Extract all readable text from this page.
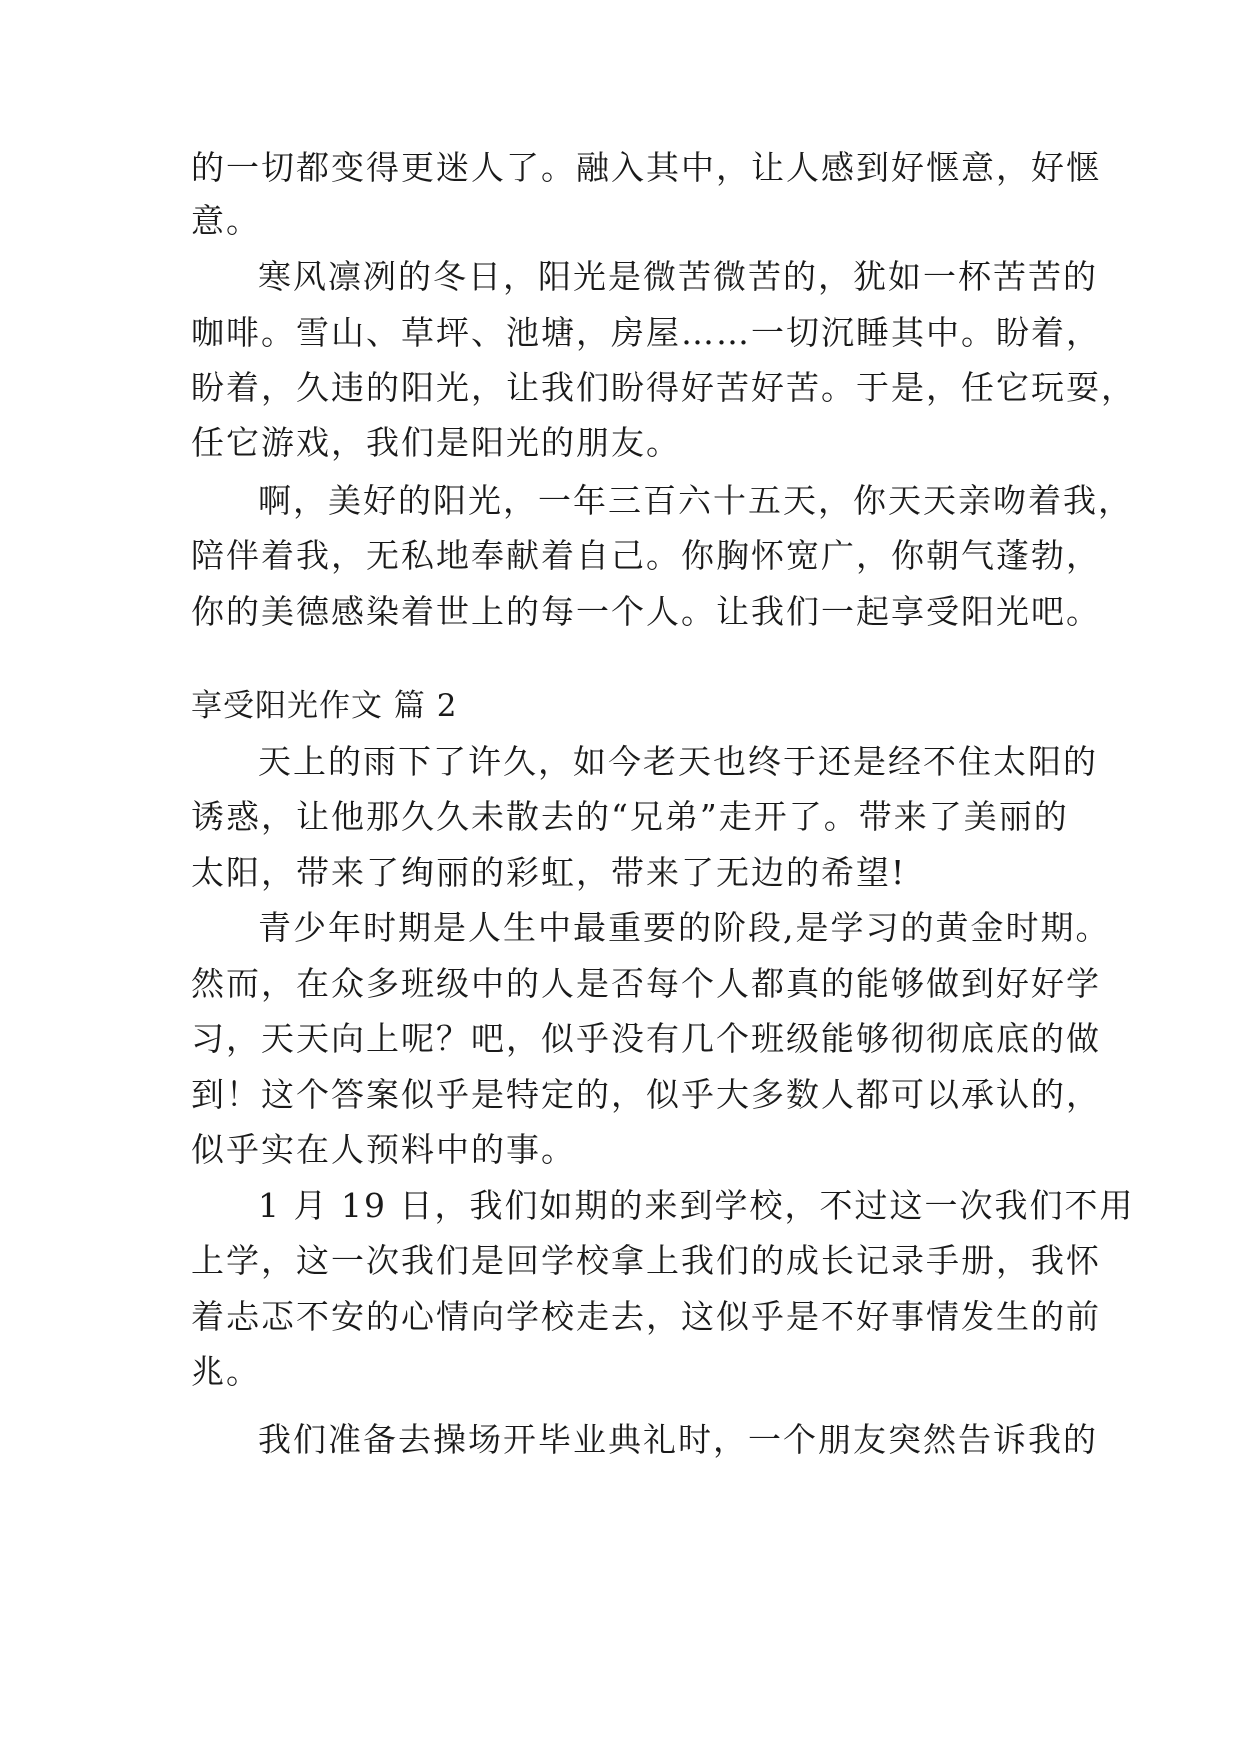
的一切都变得更迷人了。融入其中，让人感到好惬意，好惬
意。
寒风凛冽的冬日，阳光是微苦微苦的，犹如一杯苦苦的
咖啡。雪山、草坪、池塘，房屋……一切沉睡其中。盼着，
盼着，久违的阳光，让我们盼得好苦好苦。于是，任它玩耍，
任它游戏，我们是阳光的朋友。
啊，美好的阳光，一年三百六十五天，你天天亲吻着我，
陪伴着我，无私地奉献着自己。你胸怀宽广，你朝气蓬勃，
你的美德感染着世上的每一个人。让我们一起享受阳光吧。
享受阳光作文 篇 2
天上的雨下了许久，如今老天也终于还是经不住太阳的
诱惑，让他那久久未散去的“兄弟”走开了。带来了美丽的
太阳，带来了绚丽的彩虹，带来了无边的希望!
青少年时期是人生中最重要的阶段,是学习的黄金时期。
然而，在众多班级中的人是否每个人都真的能够做到好好学
习，天天向上呢？吧，似乎没有几个班级能够彻彻底底的做
到！这个答案似乎是特定的，似乎大多数人都可以承认的，
似乎实在人预料中的事。
1 月 19 日，我们如期的来到学校，不过这一次我们不用
上学，这一次我们是回学校拿上我们的成长记录手册，我怀
着忐忑不安的心情向学校走去，这似乎是不好事情发生的前
兆。
我们准备去操场开毕业典礼时，一个朋友突然告诉我的
